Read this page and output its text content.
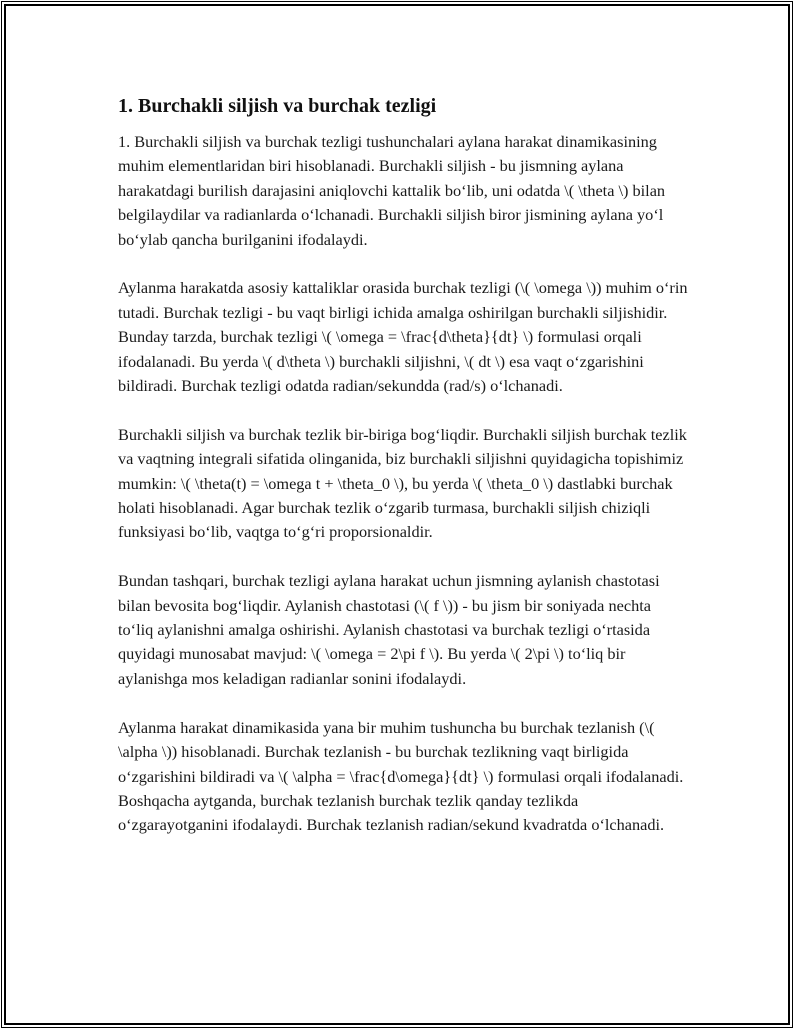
1. Burchakli siljish va burchak tezligi

1. Burchakli siljish va burchak tezligi tushunchalari aylana harakat dinamikasining muhim elementlaridan biri hisoblanadi. Burchakli siljish - bu jismning aylana harakatdagi burilish darajasini aniqlovchi kattalik bo‘lib, uni odatda \( \theta \) bilan belgilaydilar va radianlarda o‘lchanadi. Burchakli siljish biror jismining aylana yo‘l bo‘ylab qancha burilganini ifodalaydi.

Aylanma harakatda asosiy kattaliklar orasida burchak tezligi (\( \omega \)) muhim o‘rin tutadi. Burchak tezligi - bu vaqt birligi ichida amalga oshirilgan burchakli siljishidir. Bunday tarzda, burchak tezligi \( \omega = \frac{d\theta}{dt} \) formulasi orqali ifodalanadi. Bu yerda \( d\theta \) burchakli siljishni, \( dt \) esa vaqt o‘zgarishini bildiradi. Burchak tezligi odatda radian/sekundda (rad/s) o‘lchanadi.

Burchakli siljish va burchak tezlik bir-biriga bog‘liqdir. Burchakli siljish burchak tezlik va vaqtning integrali sifatida olinganida, biz burchakli siljishni quyidagicha topishimiz mumkin: \( \theta(t) = \omega t + \theta_0 \), bu yerda \( \theta_0 \) dastlabki burchak holati hisoblanadi. Agar burchak tezlik o‘zgarib turmasa, burchakli siljish chiziqli funksiyasi bo‘lib, vaqtga to‘g‘ri proporsionaldir.

Bundan tashqari, burchak tezligi aylana harakat uchun jismning aylanish chastotasi bilan bevosita bog‘liqdir. Aylanish chastotasi (\( f \)) - bu jism bir soniyada nechta to‘liq aylanishni amalga oshirishi. Aylanish chastotasi va burchak tezligi o‘rtasida quyidagi munosabat mavjud: \( \omega = 2\pi f \). Bu yerda \( 2\pi \) to‘liq bir aylanishga mos keladigan radianlar sonini ifodalaydi.

Aylanma harakat dinamikasida yana bir muhim tushuncha bu burchak tezlanish (\( \alpha \)) hisoblanadi. Burchak tezlanish - bu burchak tezlikning vaqt birligida o‘zgarishini bildiradi va \( \alpha = \frac{d\omega}{dt} \) formulasi orqali ifodalanadi. Boshqacha aytganda, burchak tezlanish burchak tezlik qanday tezlikda o‘zgarayotganini ifodalaydi. Burchak tezlanish radian/sekund kvadratda o‘lchanadi.
